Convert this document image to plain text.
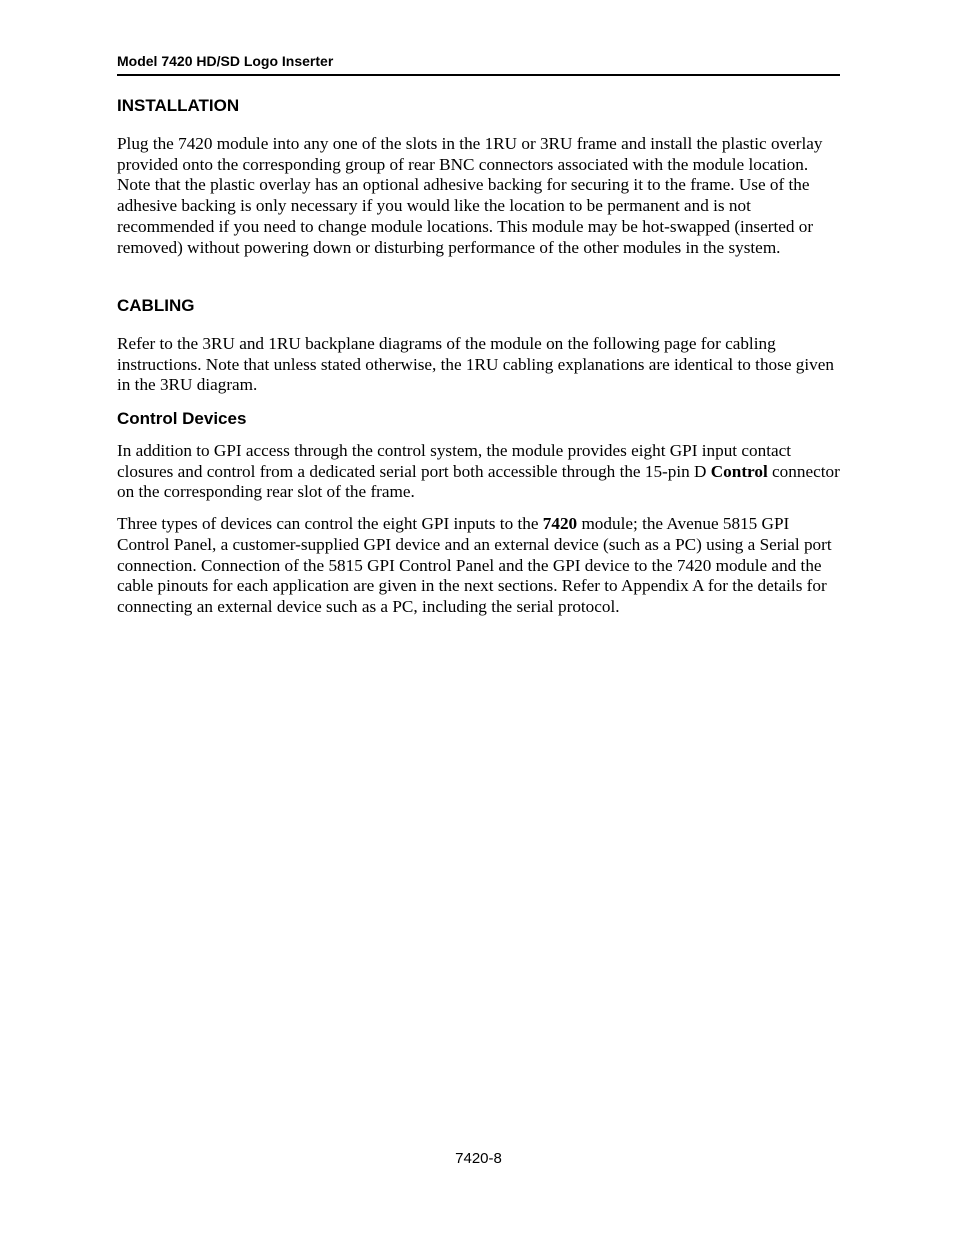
Model 7420 HD/SD Logo Inserter
INSTALLATION

Plug the 7420 module into any one of the slots in the 1RU or 3RU frame and install the plastic overlay provided onto the corresponding group of rear BNC connectors associated with the module location. Note that the plastic overlay has an optional adhesive backing for securing it to the frame. Use of the adhesive backing is only necessary if you would like the location to be permanent and is not recommended if you need to change module locations. This module may be hot-swapped (inserted or removed) without powering down or disturbing performance of the other modules in the system.

CABLING

Refer to the 3RU and 1RU backplane diagrams of the module on the following page for cabling instructions. Note that unless stated otherwise, the 1RU cabling explanations are identical to those given in the 3RU diagram.

Control Devices

In addition to GPI access through the control system, the module provides eight GPI input contact closures and control from a dedicated serial port both accessible through the 15-pin D Control connector on the corresponding rear slot of the frame.

Three types of devices can control the eight GPI inputs to the 7420 module; the Avenue 5815 GPI Control Panel, a customer-supplied GPI device and an external device (such as a PC) using a Serial port connection. Connection of the 5815 GPI Control Panel and the GPI device to the 7420 module and the cable pinouts for each application are given in the next sections. Refer to Appendix A for the details for connecting an external device such as a PC, including the serial protocol.

7420-8
